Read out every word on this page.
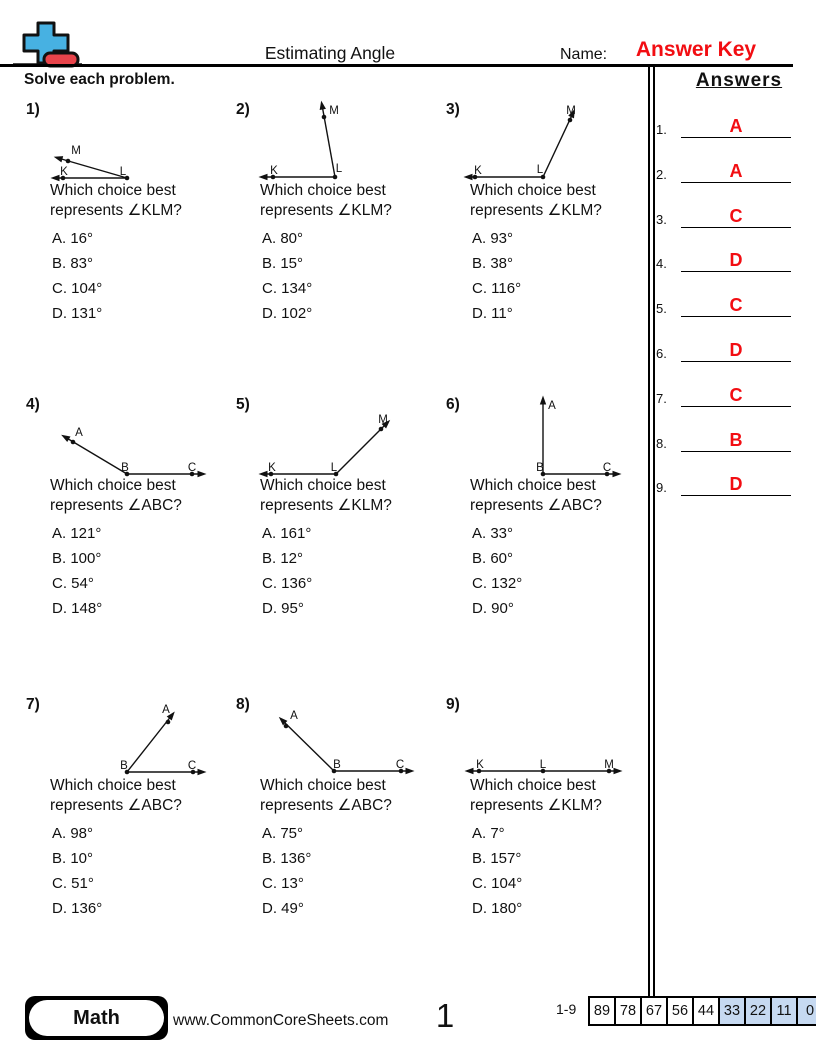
Estimating Angle	Name:	Answer Key
Solve each problem.	Answers
1.	A
2.	A
3.	C
4.	D
5.	C
6.	D
7.	C
8.	B
9.	D
1)
K	L
M
Which choice best
represents ∠KLM?
A. 16°
B. 83°
C. 104°
D. 131°
2)
K	L
M
Which choice best
represents ∠KLM?
A. 80°
B. 15°
C. 134°
D. 102°
3)
K	L
M
Which choice best
represents ∠KLM?
A. 93°
B. 38°
C. 116°
D. 11°
4)
A
B	C
Which choice best
represents ∠ABC?
A. 121°
B. 100°
C. 54°
D. 148°
5)
K	L
M
Which choice best
represents ∠KLM?
A. 161°
B. 12°
C. 136°
D. 95°
6)	A
B	C
Which choice best
represents ∠ABC?
A. 33°
B. 60°
C. 132°
D. 90°
7)	A
B	C
Which choice best
represents ∠ABC?
A. 98°
B. 10°
C. 51°
D. 136°
8)
A
B	C
Which choice best
represents ∠ABC?
A. 75°
B. 136°
C. 13°
D. 49°
9)
K	L	M
Which choice best
represents ∠KLM?
A. 7°
B. 157°
C. 104°
D. 180°
Math	www.CommonCoreSheets.com	1	1-9	89 78 67 56 44 33 22 11 0
